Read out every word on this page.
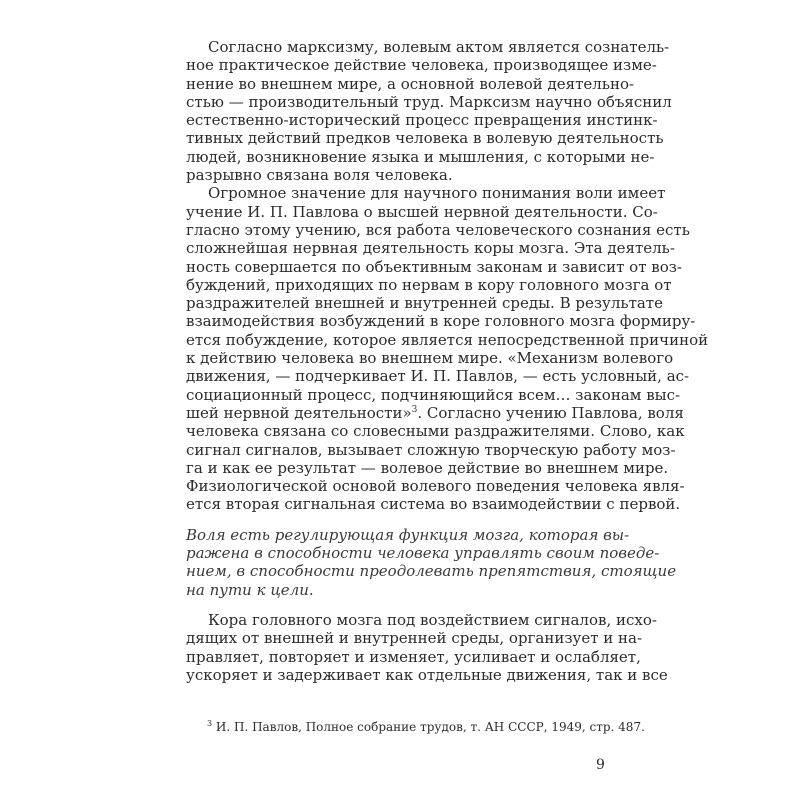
Согласно марксизму, волевым актом является сознатель-
ное практическое действие человека, производящее изме-
нение во внешнем мире, а основной волевой деятельно-
стью — производительный труд. Марксизм научно объяснил
естественно-исторический процесс превращения инстинк-
тивных действий предков человека в волевую деятельность
людей, возникновение языка и мышления, с которыми не-
разрывно связана воля человека.
Огромное значение для научного понимания воли имеет
учение И. П. Павлова о высшей нервной деятельности. Со-
гласно этому учению, вся работа человеческого сознания есть
сложнейшая нервная деятельность коры мозга. Эта деятель-
ность совершается по объективным законам и зависит от воз-
буждений, приходящих по нервам в кору головного мозга от
раздражителей внешней и внутренней среды. В результате
взаимодействия возбуждений в коре головного мозга формиру-
ется побуждение, которое является непосредственной причиной
к действию человека во внешнем мире. «Механизм волевого
движения, — подчеркивает И. П. Павлов, — есть условный, ас-
социационный процесс, подчиняющийся всем… законам выс-
шей нервной деятельности»$^3$. Согласно учению Павлова, воля
человека связана со словесными раздражителями. Слово, как
сигнал сигналов, вызывает сложную творческую работу моз-
га и как ее результат — волевое действие во внешнем мире.
Физиологической основой волевого поведения человека явля-
ется вторая сигнальная система во взаимодействии с первой.
Воля есть регулирующая функция мозга, которая вы-
ражена в способности человека управлять своим поведе-
нием, в способности преодолевать препятствия, стоящие
на пути к цели.
Кора головного мозга под воздействием сигналов, исхо-
дящих от внешней и внутренней среды, организует и на-
правляет, повторяет и изменяет, усиливает и ослабляет,
ускоряет и задерживает как отдельные движения, так и все
$^3$ И. П. Павлов, Полное собрание трудов, т. АН СССР, 1949, стр. 487.
9
